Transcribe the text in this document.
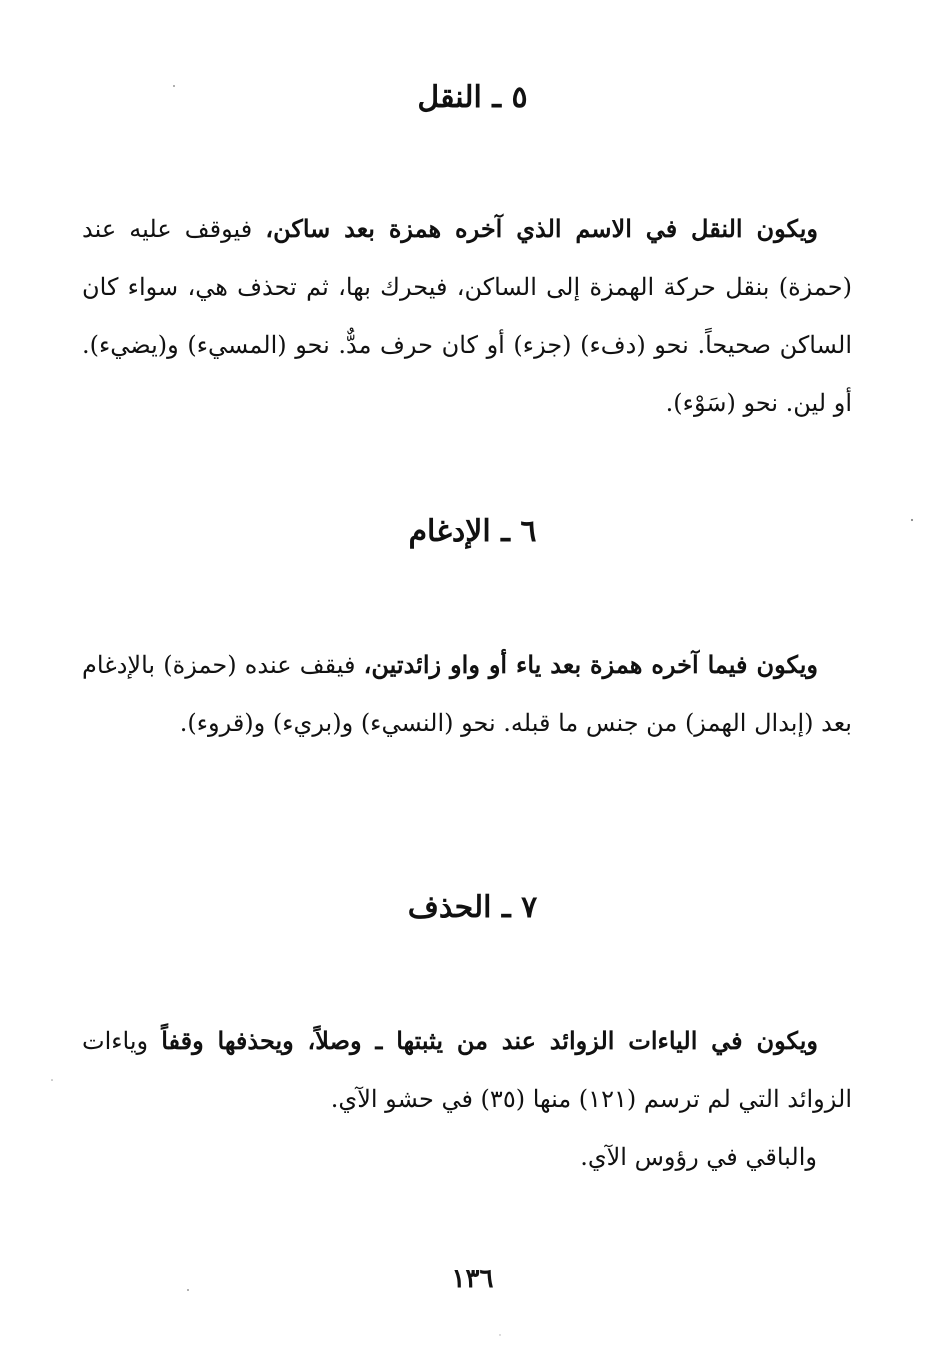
٥ ـ النقل

ويكون النقل في الاسم الذي آخره همزة بعد ساكن، فيوقف عليه عند (حمزة) بنقل حركة الهمزة إلى الساكن، فيحرك بها، ثم تحذف هي، سواء كان الساكن صحيحاً. نحو (دفء) (جزء) أو كان حرف مدٌّ. نحو (المسيء) و(يضيء). أو لين. نحو (سَوْء).

٦ ـ الإدغام

ويكون فيما آخره همزة بعد ياء أو واو زائدتين، فيقف عنده (حمزة) بالإدغام بعد (إبدال الهمز) من جنس ما قبله. نحو (النسيء) و(بريء) و(قروء).

٧ ـ الحذف

ويكون في الياءات الزوائد عند من يثبتها ـ وصلاً، ويحذفها وقفاً وياءات الزوائد التي لم ترسم (١٢١) منها (٣٥) في حشو الآي.

والباقي في رؤوس الآي.

١٣٦
